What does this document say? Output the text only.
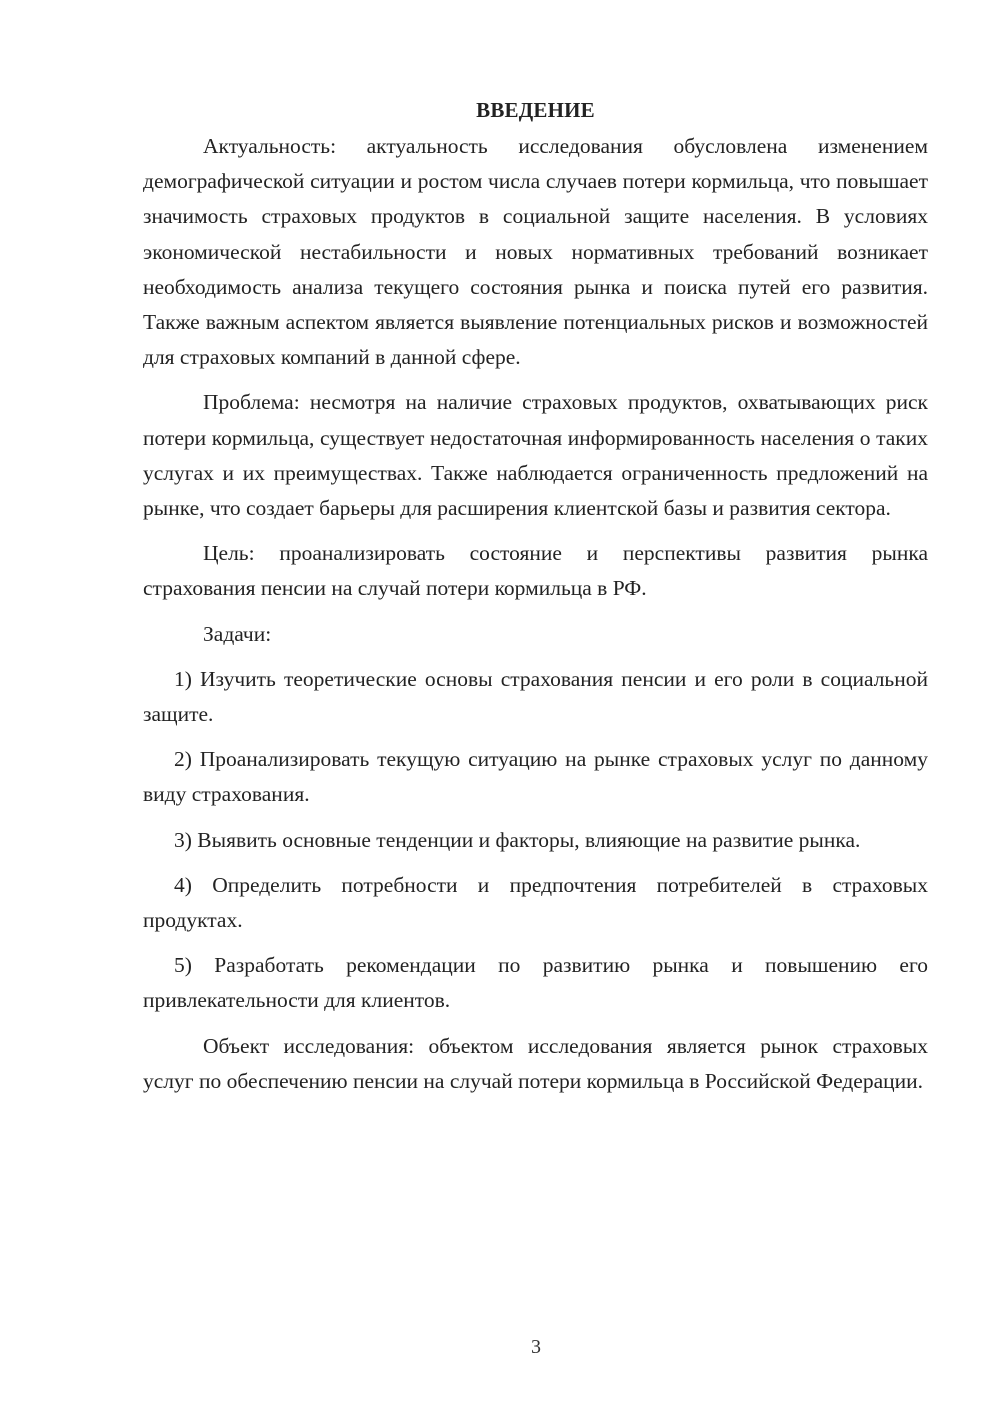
ВВЕДЕНИЕ

Актуальность: актуальность исследования обусловлена изменением демографической ситуации и ростом числа случаев потери кормильца, что повышает значимость страховых продуктов в социальной защите населения. В условиях экономической нестабильности и новых нормативных требований возникает необходимость анализа текущего состояния рынка и поиска путей его развития. Также важным аспектом является выявление потенциальных рисков и возможностей для страховых компаний в данной сфере.

Проблема: несмотря на наличие страховых продуктов, охватывающих риск потери кормильца, существует недостаточная информированность населения о таких услугах и их преимуществах. Также наблюдается ограниченность предложений на рынке, что создает барьеры для расширения клиентской базы и развития сектора.

Цель: проанализировать состояние и перспективы развития рынка страхования пенсии на случай потери кормильца в РФ.

Задачи:

1) Изучить теоретические основы страхования пенсии и его роли в социальной защите.

2) Проанализировать текущую ситуацию на рынке страховых услуг по данному виду страхования.

3) Выявить основные тенденции и факторы, влияющие на развитие рынка.

4) Определить потребности и предпочтения потребителей в страховых продуктах.

5) Разработать рекомендации по развитию рынка и повышению его привлекательности для клиентов.

Объект исследования: объектом исследования является рынок страховых услуг по обеспечению пенсии на случай потери кормильца в Российской Федерации.

3
